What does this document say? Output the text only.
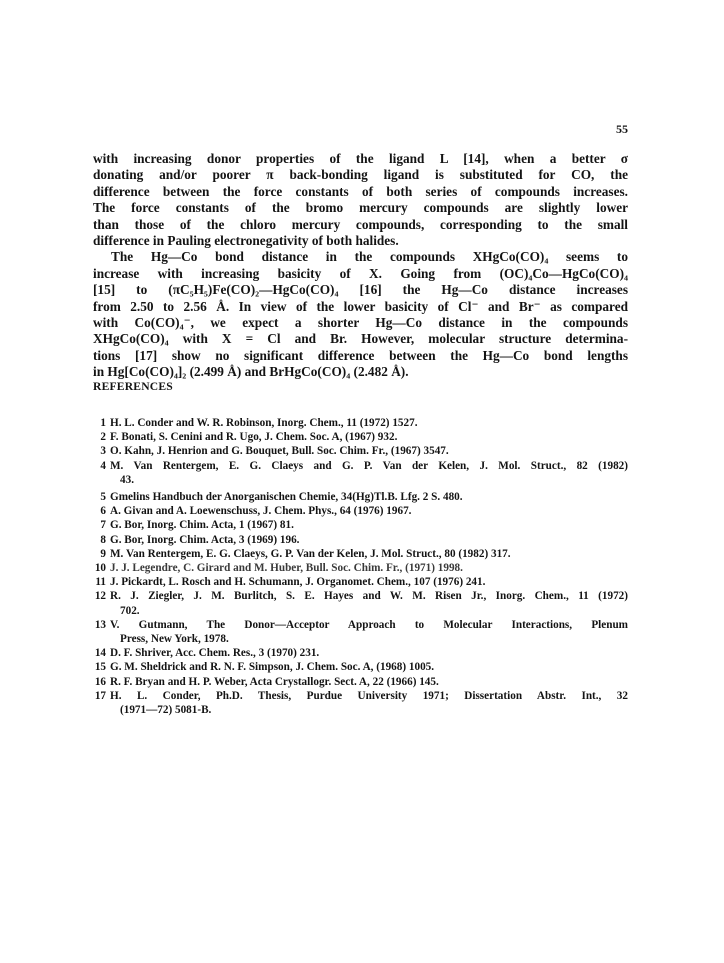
55
with increasing donor properties of the ligand L [14], when a better σ
donating and/or poorer π back-bonding ligand is substituted for CO, the
difference between the force constants of both series of compounds increases.
The force constants of the bromo mercury compounds are slightly lower
than those of the chloro mercury compounds, corresponding to the small
difference in Pauling electronegativity of both halides.
The Hg—Co bond distance in the compounds XHgCo(CO)₄ seems to
increase with increasing basicity of X. Going from (OC)₄Co—HgCo(CO)₄
[15] to (πC₅H₅)Fe(CO)₂—HgCo(CO)₄ [16] the Hg—Co distance increases
from 2.50 to 2.56 Å. In view of the lower basicity of Cl⁻ and Br⁻ as compared
with Co(CO)₄⁻, we expect a shorter Hg—Co distance in the compounds
XHgCo(CO)₄ with X = Cl and Br. However, molecular structure determina-
tions [17] show no significant difference between the Hg—Co bond lengths
in Hg[Co(CO)₄]₂ (2.499 Å) and BrHgCo(CO)₄ (2.482 Å).
REFERENCES
1 H. L. Conder and W. R. Robinson, Inorg. Chem., 11 (1972) 1527.
2 F. Bonati, S. Cenini and R. Ugo, J. Chem. Soc. A, (1967) 932.
3 O. Kahn, J. Henrion and G. Bouquet, Bull. Soc. Chim. Fr., (1967) 3547.
4 M. Van Rentergem, E. G. Claeys and G. P. Van der Kelen, J. Mol. Struct., 82 (1982)
43.
5 Gmelins Handbuch der Anorganischen Chemie, 34(Hg)Tl.B. Lfg. 2 S. 480.
6 A. Givan and A. Loewenschuss, J. Chem. Phys., 64 (1976) 1967.
7 G. Bor, Inorg. Chim. Acta, 1 (1967) 81.
8 G. Bor, Inorg. Chim. Acta, 3 (1969) 196.
9 M. Van Rentergem, E. G. Claeys, G. P. Van der Kelen, J. Mol. Struct., 80 (1982) 317.
10 J. J. Legendre, C. Girard and M. Huber, Bull. Soc. Chim. Fr., (1971) 1998.
11 J. Pickardt, L. Rosch and H. Schumann, J. Organomet. Chem., 107 (1976) 241.
12 R. J. Ziegler, J. M. Burlitch, S. E. Hayes and W. M. Risen Jr., Inorg. Chem., 11 (1972)
702.
13 V. Gutmann, The Donor—Acceptor Approach to Molecular Interactions, Plenum
Press, New York, 1978.
14 D. F. Shriver, Acc. Chem. Res., 3 (1970) 231.
15 G. M. Sheldrick and R. N. F. Simpson, J. Chem. Soc. A, (1968) 1005.
16 R. F. Bryan and H. P. Weber, Acta Crystallogr. Sect. A, 22 (1966) 145.
17 H. L. Conder, Ph.D. Thesis, Purdue University 1971; Dissertation Abstr. Int., 32
(1971—72) 5081-B.
